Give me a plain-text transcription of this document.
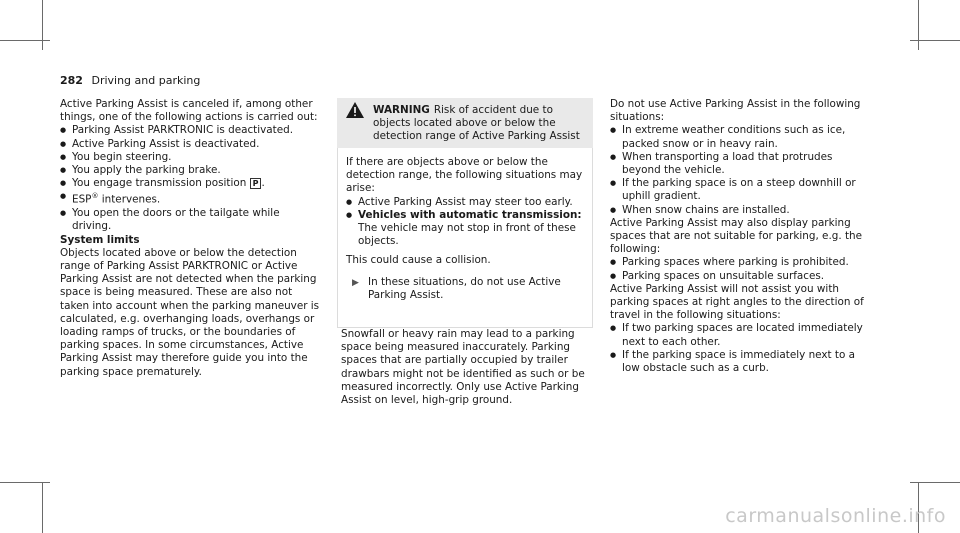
282 Driving and parking

Active Parking Assist is canceled if, among other things, one of the following actions is carried out:

● Parking Assist PARKTRONIC is deactivated.
● Active Parking Assist is deactivated.
● You begin steering.
● You apply the parking brake.
● You engage transmission position P .
● ESP® intervenes.
● You open the doors or the tailgate while driving.

System limits

Objects located above or below the detection range of Parking Assist PARKTRONIC or Active Parking Assist are not detected when the parking space is being measured. These are also not taken into account when the parking maneuver is calculated, e.g. overhanging loads, overhangs or loading ramps of trucks, or the boundaries of parking spaces. In some circumstances, Active Parking Assist may therefore guide you into the parking space prematurely.

WARNING Risk of accident due to objects located above or below the detection range of Active Parking Assist

If there are objects above or below the detection range, the following situations may arise:

● Active Parking Assist may steer too early.
● Vehicles with automatic transmission: The vehicle may not stop in front of these objects.

This could cause a collision.

▶ In these situations, do not use Active Parking Assist.
Snowfall or heavy rain may lead to a parking space being measured inaccurately. Parking spaces that are partially occupied by trailer drawbars might not be identified as such or be measured incorrectly. Only use Active Parking Assist on level, high-grip ground.

Do not use Active Parking Assist in the following situations:

● In extreme weather conditions such as ice, packed snow or in heavy rain.
● When transporting a load that protrudes beyond the vehicle.
● If the parking space is on a steep downhill or uphill gradient.
● When snow chains are installed.

Active Parking Assist may also display parking spaces that are not suitable for parking, e.g. the following:

● Parking spaces where parking is prohibited.
● Parking spaces on unsuitable surfaces.

Active Parking Assist will not assist you with parking spaces at right angles to the direction of travel in the following situations:

● If two parking spaces are located immediately next to each other.
● If the parking space is immediately next to a low obstacle such as a curb.
carmanualsonline.info
